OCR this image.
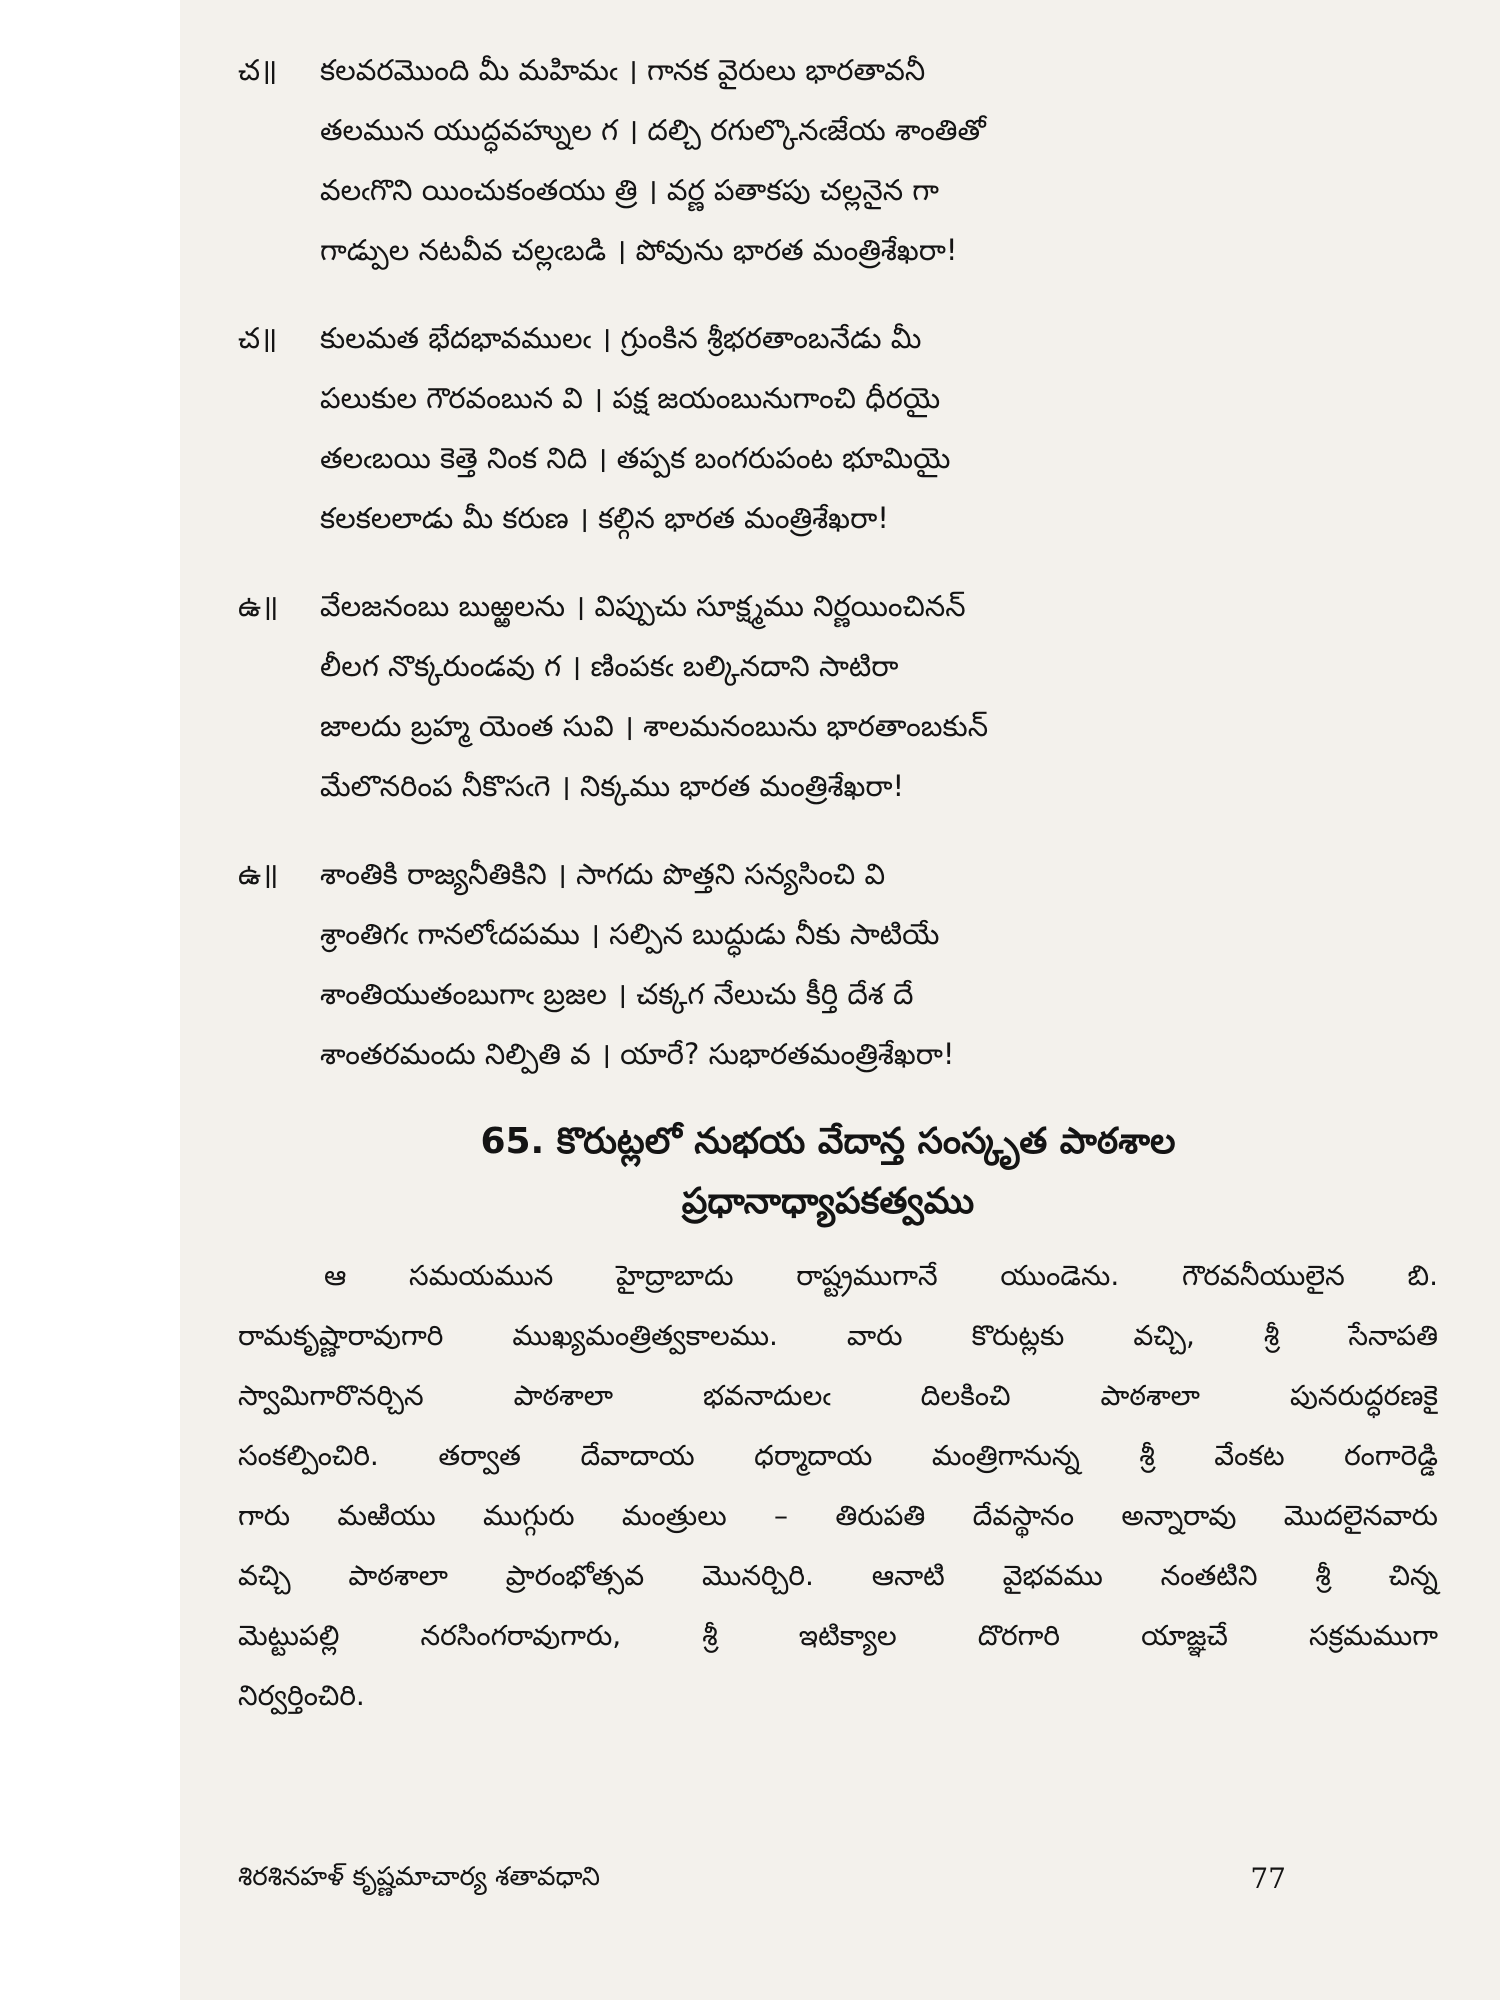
చ॥	కలవరమొంది మీ మహిమఁ । గానక వైరులు భారతావనీ
తలమున యుద్ధవహ్నుల గ । దల్చి రగుల్కొనఁజేయ శాంతితో
వలఁగొని యించుకంతయు త్రి । వర్ణ పతాకపు చల్లనైన గా
గాడ్పుల నటవీవ చల్లఁబడి । పోవును భారత మంత్రిశేఖరా!
చ॥	కులమత భేదభావములఁ । గ్రుంకిన శ్రీభరతాంబనేడు మీ
పలుకుల గౌరవంబున వి । పక్ష జయంబునుగాంచి ధీరయై
తలఁబయి కెత్తె నింక నిది । తప్పక బంగరుపంట భూమియై
కలకలలాడు మీ కరుణ । కల్గిన భారత మంత్రిశేఖరా!
ఉ॥	వేలజనంబు బుఱ్ఱలను । విప్పుచు సూక్ష్మము నిర్ణయించినన్
లీలగ నొక్కరుండవు గ । ణింపకఁ బల్కినదాని సాటిరా
జాలదు బ్రహ్మ యెంత సువి । శాలమనంబును భారతాంబకున్
మేలొనరింప నీకొసఁగె । నిక్కము భారత మంత్రిశేఖరా!
ఉ॥	శాంతికి రాజ్యనీతికిని । సాగదు పొత్తని సన్యసించి వి
శ్రాంతిగఁ గానలోఁదపము । సల్పిన బుద్ధుడు నీకు సాటియే
శాంతియుతంబుగాఁ బ్రజల । చక్కగ నేలుచు కీర్తి దేశ దే
శాంతరమందు నిల్పితి వ । యారే? సుభారతమంత్రిశేఖరా!
65. కొరుట్లలో నుభయ వేదాన్త సంస్కృత పాఠశాల
ప్రధానాధ్యాపకత్వము

ఆ సమయమున హైద్రాబాదు రాష్ట్రముగానే యుండెను. గౌరవనీయులైన బి.

రామకృష్ణారావుగారి ముఖ్యమంత్రిత్వకాలము. వారు కొరుట్లకు వచ్చి, శ్రీ సేనాపతి

స్వామిగారొనర్చిన పాఠశాలా భవనాదులఁ దిలకించి పాఠశాలా పునరుద్ధరణకై

సంకల్పించిరి. తర్వాత దేవాదాయ ధర్మాదాయ మంత్రిగానున్న శ్రీ వేంకట రంగారెడ్డి

గారు మఱియు ముగ్గురు మంత్రులు – తిరుపతి దేవస్థానం అన్నారావు మొదలైనవారు

వచ్చి పాఠశాలా ప్రారంభోత్సవ మొనర్చిరి. ఆనాటి వైభవము నంతటిని శ్రీ చిన్న

మెట్టుపల్లి నరసింగరావుగారు, శ్రీ ఇటిక్యాల దొరగారి యాజ్ఞచే సక్రమముగా

నిర్వర్తించిరి.

శిరశినహళ్ కృష్ణమాచార్య శతావధాని	77
